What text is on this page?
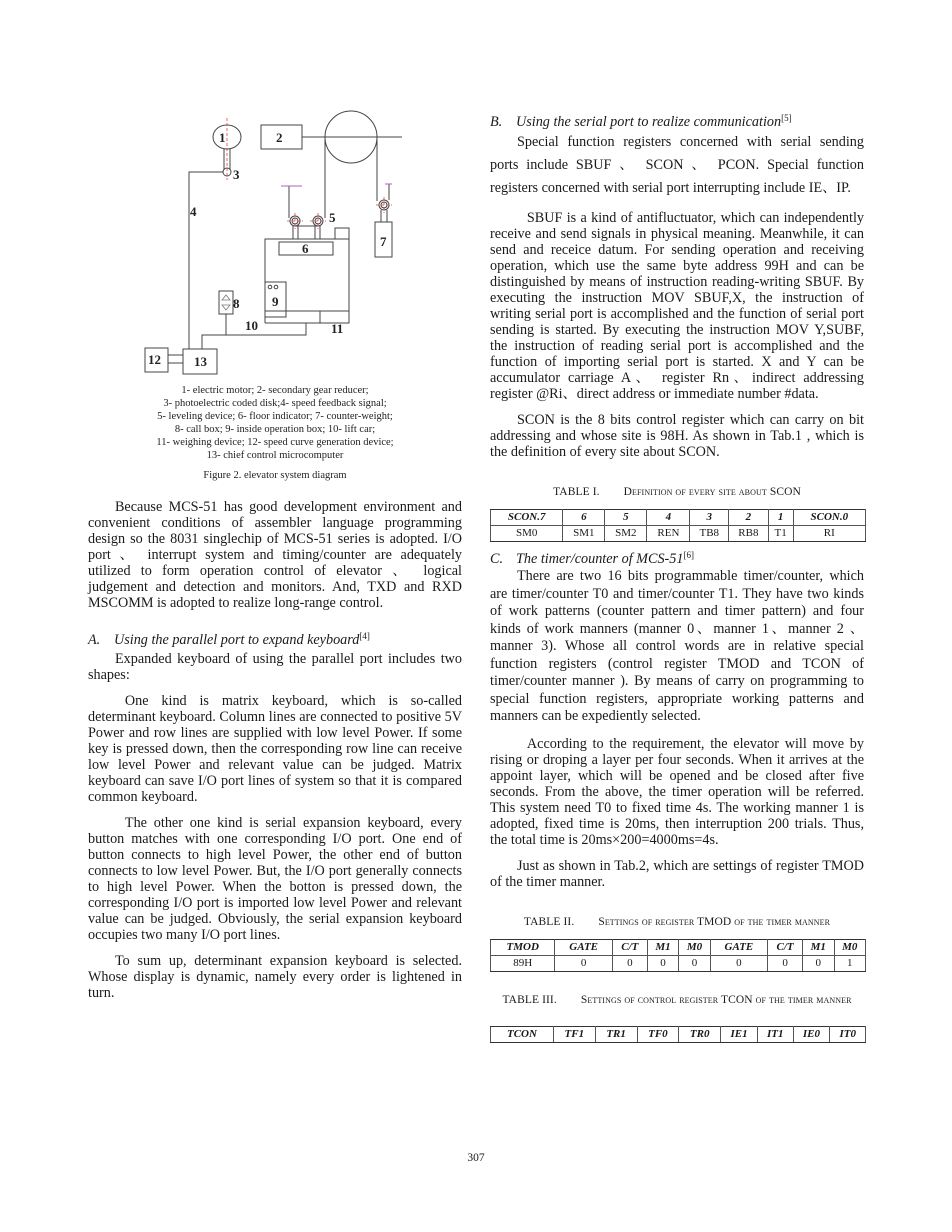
1	2
3
4	5
6	7
8	9
10	11
12	13
1- electric motor; 2- secondary gear reducer;
3- photoelectric coded disk;4- speed feedback signal;
5- leveling device; 6- floor indicator; 7- counter-weight;
8- call box; 9- inside operation box; 10- lift car;
11- weighing device; 12- speed curve generation device;
13- chief control microcomputer
Figure 2. elevator system diagram

Because MCS-51 has good development environment and convenient conditions of assembler language programming design so the 8031 singlechip of MCS-51 series is adopted. I/O port 、 interrupt system and timing/counter are adequately utilized to form operation control of elevator 、 logical judgement and detection and monitors. And, TXD and RXD MSCOMM is adopted to realize long-range control.

A. Using the parallel port to expand keyboard[4]

Expanded keyboard of using the parallel port includes two shapes:

One kind is matrix keyboard, which is so-called determinant keyboard. Column lines are connected to positive 5V Power and row lines are supplied with low level Power. If some key is pressed down, then the corresponding row line can receive low level Power and relevant value can be judged. Matrix keyboard can save I/O port lines of system so that it is compared common keyboard.

The other one kind is serial expansion keyboard, every button matches with one corresponding I/O port. One end of button connects to high level Power, the other end of button connects to low level Power. But, the I/O port generally connects to high level Power. When the botton is pressed down, the corresponding I/O port is imported low level Power and relevant value can be judged. Obviously, the serial expansion keyboard occupies two many I/O port lines.

To sum up, determinant expansion keyboard is selected. Whose display is dynamic, namely every order is lightened in turn.

B. Using the serial port to realize communication[5]

Special function registers concerned with serial sending ports include SBUF 、 SCON 、 PCON. Special function registers concerned with serial port interrupting include IE、IP.

SBUF is a kind of antifluctuator, which can independently receive and send signals in physical meaning. Meanwhile, it can send and receice datum. For sending operation and receiving operation, which use the same byte address 99H and can be distinguished by means of instruction reading-writing SBUF. By executing the instruction MOV SBUF,X, the instruction of writing serial port is accomplished and the function of serial port sending is started. By executing the instruction MOV Y,SUBF, the instruction of reading serial port is accomplished and the function of importing serial port is started. X and Y can be accumulator carriage A、 register Rn、indirect addressing register @Ri、direct address or immediate number #data.

SCON is the 8 bits control register which can carry on bit addressing and whose site is 98H. As shown in Tab.1 , which is the definition of every site about SCON.

TABLE I. Definition of every site about SCON
SCON.7	6	5	4	3	2	1	SCON.0
SM0	SM1	SM2	REN	TB8	RB8	T1	RI
C. The timer/counter of MCS-51[6]

There are two 16 bits programmable timer/counter, which are timer/counter T0 and timer/counter T1. They have two kinds of work patterns (counter pattern and timer pattern) and four kinds of work manners (manner 0、manner 1、manner 2 、manner 3). Whose all control words are in relative special function registers (control register TMOD and TCON of timer/counter manner ). By means of carry on programming to special function registers, appropriate working patterns and manners can be expediently selected.

According to the requirement, the elevator will move by rising or droping a layer per four seconds. When it arrives at the appoint layer, which will be opened and be closed after five seconds. From the above, the timer operation will be referred. This system need T0 to fixed time 4s. The working manner 1 is adopted, fixed time is 20ms, then interruption 200 trials. Thus, the total time is 20ms×200=4000ms=4s.

Just as shown in Tab.2, which are settings of register TMOD of the timer manner.

TABLE II. Settings of register TMOD of the timer manner
TMOD	GATE	C/T	M1	M0	GATE	C/T	M1	M0
89H	0	0	0	0	0	0	0	1
TABLE III. Settings of control register TCON of the timer manner
TCON	TF1	TR1	TF0	TR0	IE1	IT1	IE0	IT0
307
